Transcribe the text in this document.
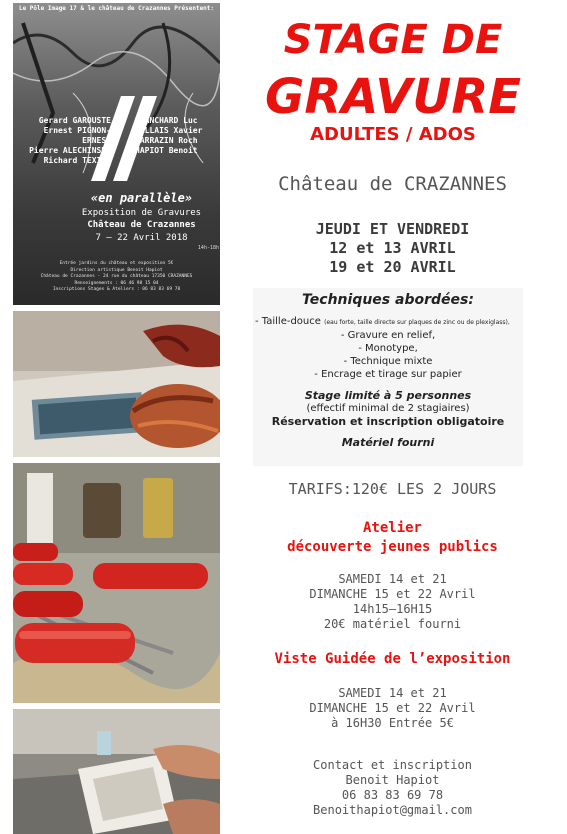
Le Pôle Image 17 & le château de Crazannes Présentent:
Gerard GAROUSTE
Ernest PIGNON-ERNEST
Pierre ALECHINSKY
Richard TEXIER
BLANCHARD Luc
JALLAIS Xavier
SARRAZIN Roch
HAPIOT Benoit
«en parallèle»
Exposition de Gravures
Château de Crazannes
7 – 22 Avril 2018
14h-18h
Entrée jardins du château et exposition 5€
Direction artistique Benoit Hapiot
Château de Crazannes - 24 rue du château 17350 CRAZANNES
Renseignements : 06 46 98 15 04
Inscriptions Stages & Ateliers : 06 83 83 69 78
STAGE DE
GRAVURE
ADULTES / ADOS
Château de CRAZANNES
JEUDI ET VENDREDI
12 et 13 AVRIL
19 et 20 AVRIL
Techniques abordées:
- Taille-douce (eau forte, taille directe sur plaques de zinc ou de plexiglass),
- Gravure en relief,
- Monotype,
- Technique mixte
- Encrage et tirage sur papier
Stage limité à 5 personnes
(effectif minimal de 2 stagiaires)
Réservation et inscription obligatoire
Matériel fourni
TARIFS:120€ LES 2 JOURS
Atelier
découverte jeunes publics
SAMEDI 14 et 21
DIMANCHE 15 et 22 Avril
14h15—16H15
20€ matériel fourni
Viste Guidée de l’exposition
SAMEDI 14 et 21
DIMANCHE 15 et 22 Avril
à 16H30 Entrée 5€
Contact et inscription
Benoit Hapiot
06 83 83 69 78
Benoithapiot@gmail.com
